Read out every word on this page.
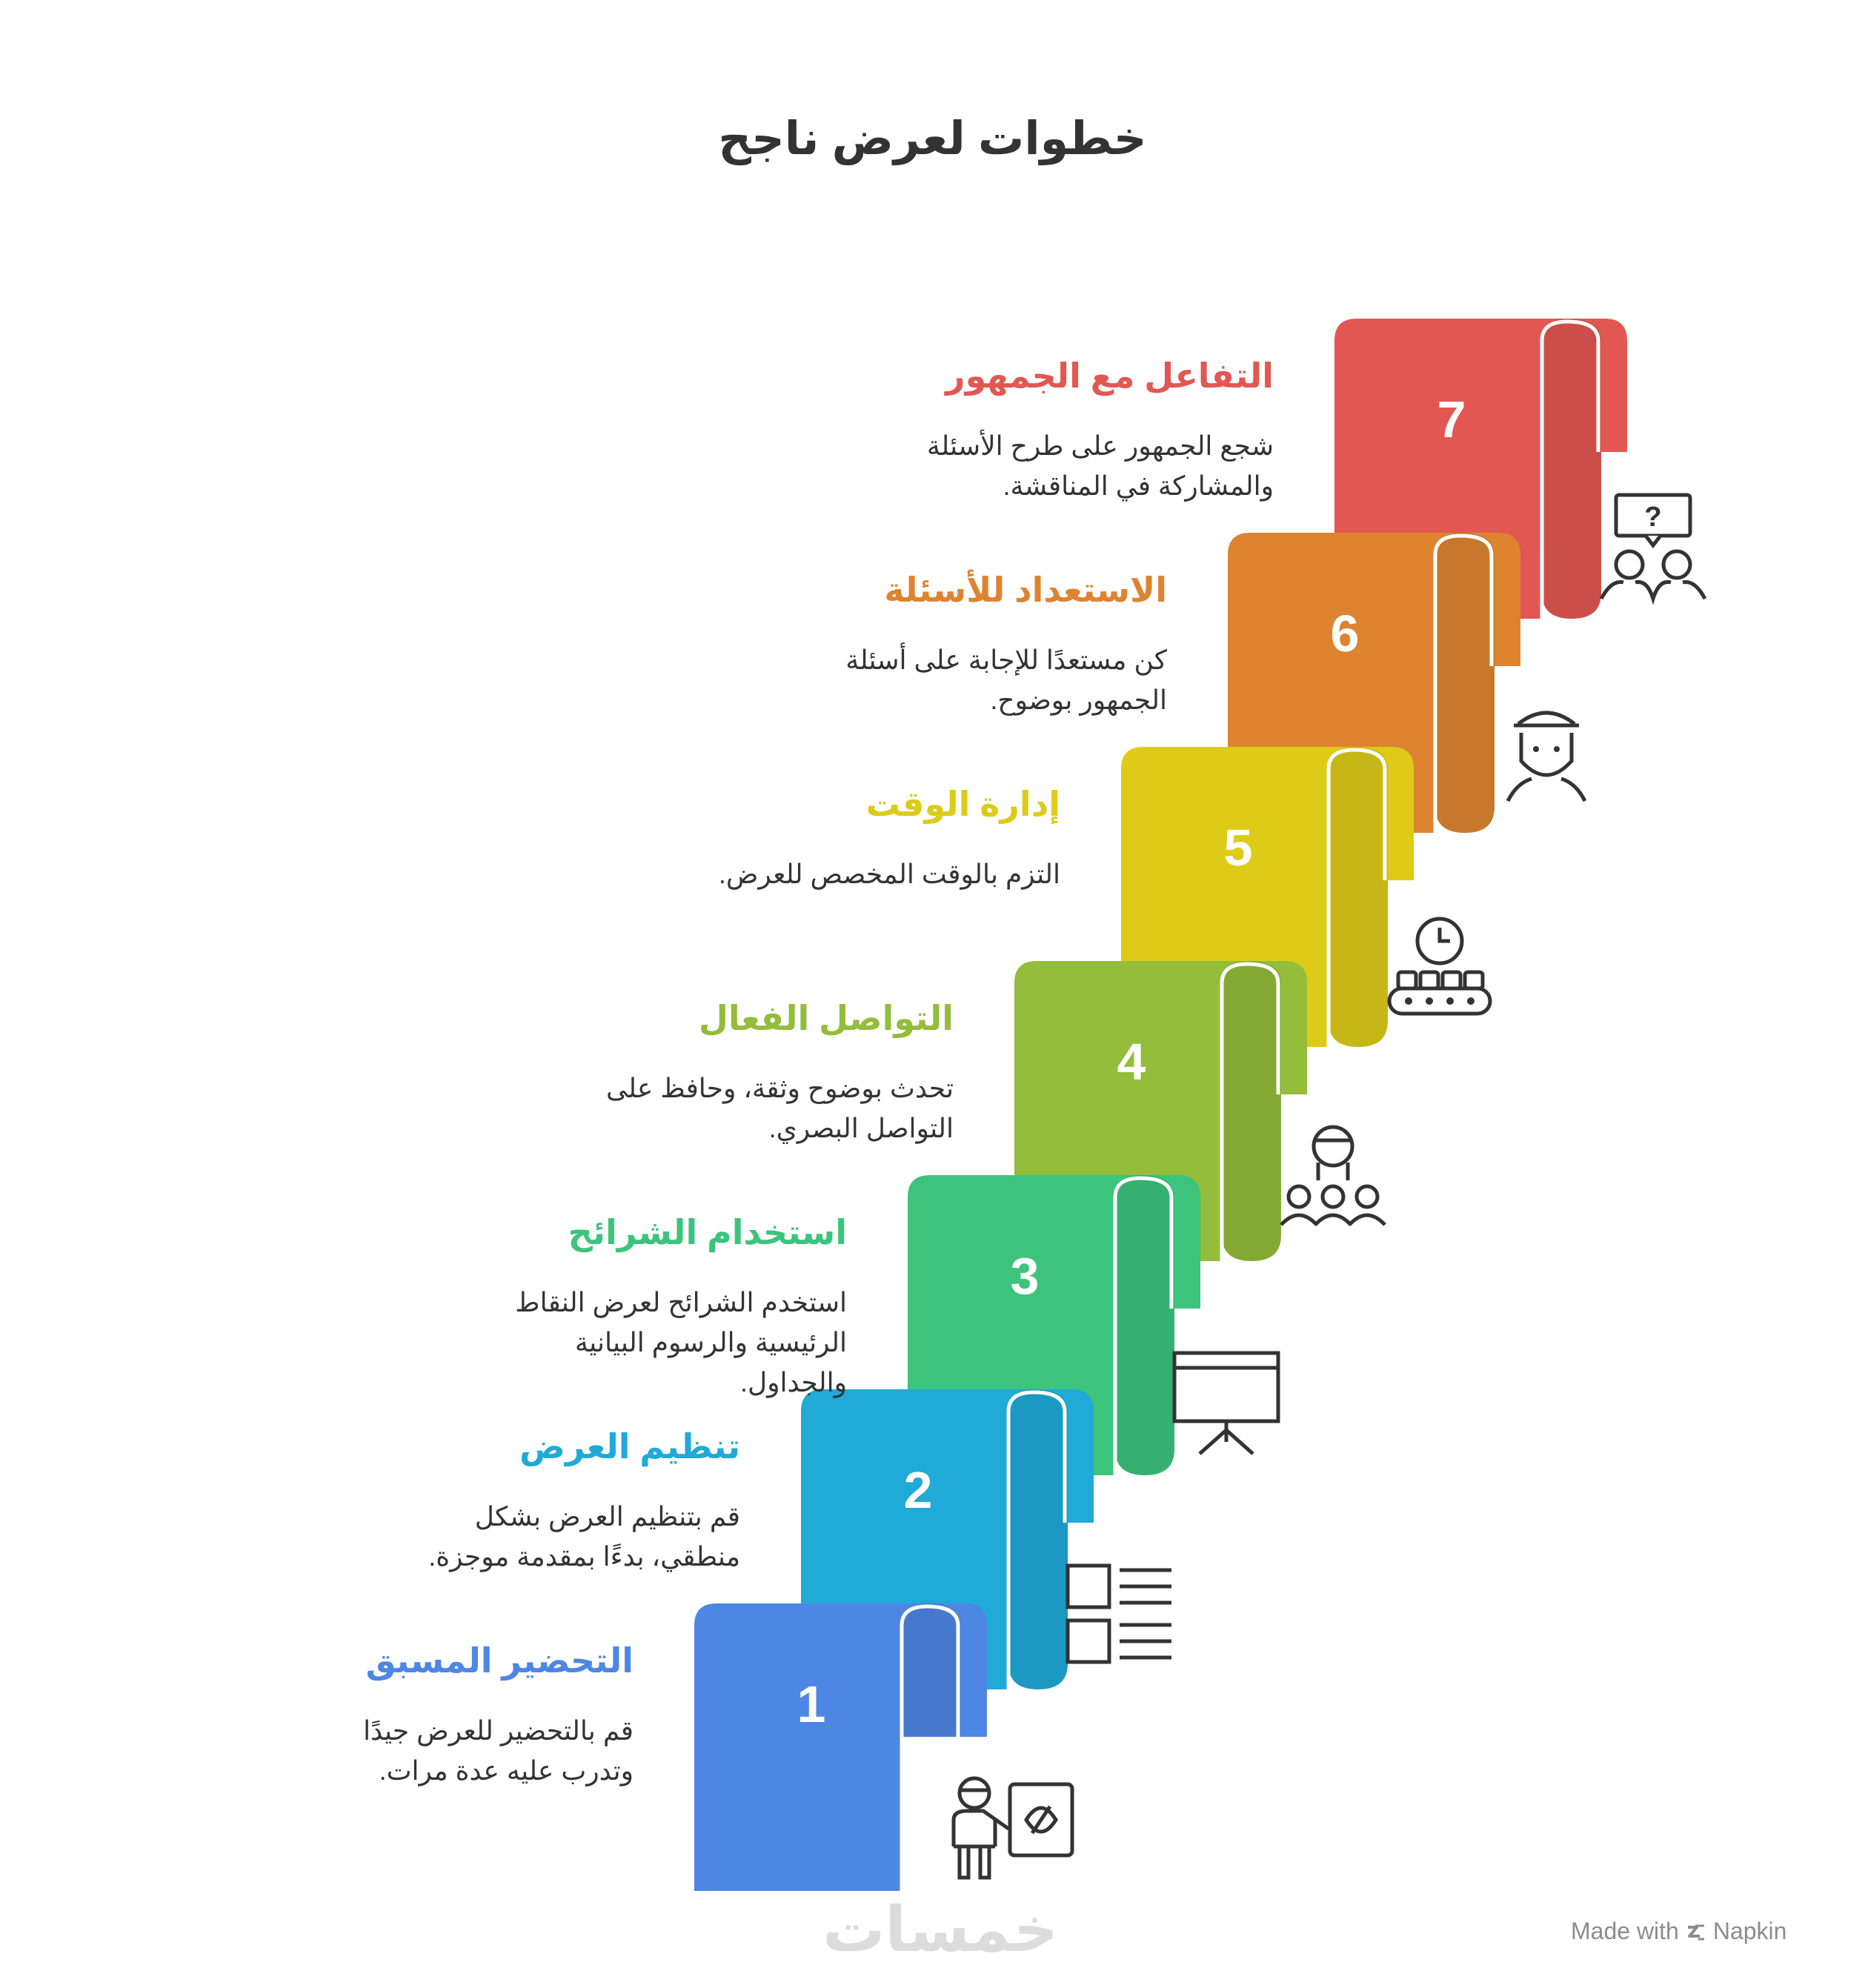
خطوات لعرض ناجح
7
?
6
5
4
3
2
1
التفاعل مع الجمهور
شجع الجمهور على طرح الأسئلة والمشاركة في المناقشة.
الاستعداد للأسئلة
كن مستعدًا للإجابة على أسئلة الجمهور بوضوح.
إدارة الوقت
التزم بالوقت المخصص للعرض.
التواصل الفعال
تحدث بوضوح وثقة، وحافظ على التواصل البصري.
استخدام الشرائح
استخدم الشرائح لعرض النقاط الرئيسية والرسوم البيانية والجداول.
تنظيم العرض
قم بتنظيم العرض بشكل منطقي، بدءًا بمقدمة موجزة.
التحضير المسبق
قم بالتحضير للعرض جيدًا وتدرب عليه عدة مرات.
Made with Napkin
خمسات
